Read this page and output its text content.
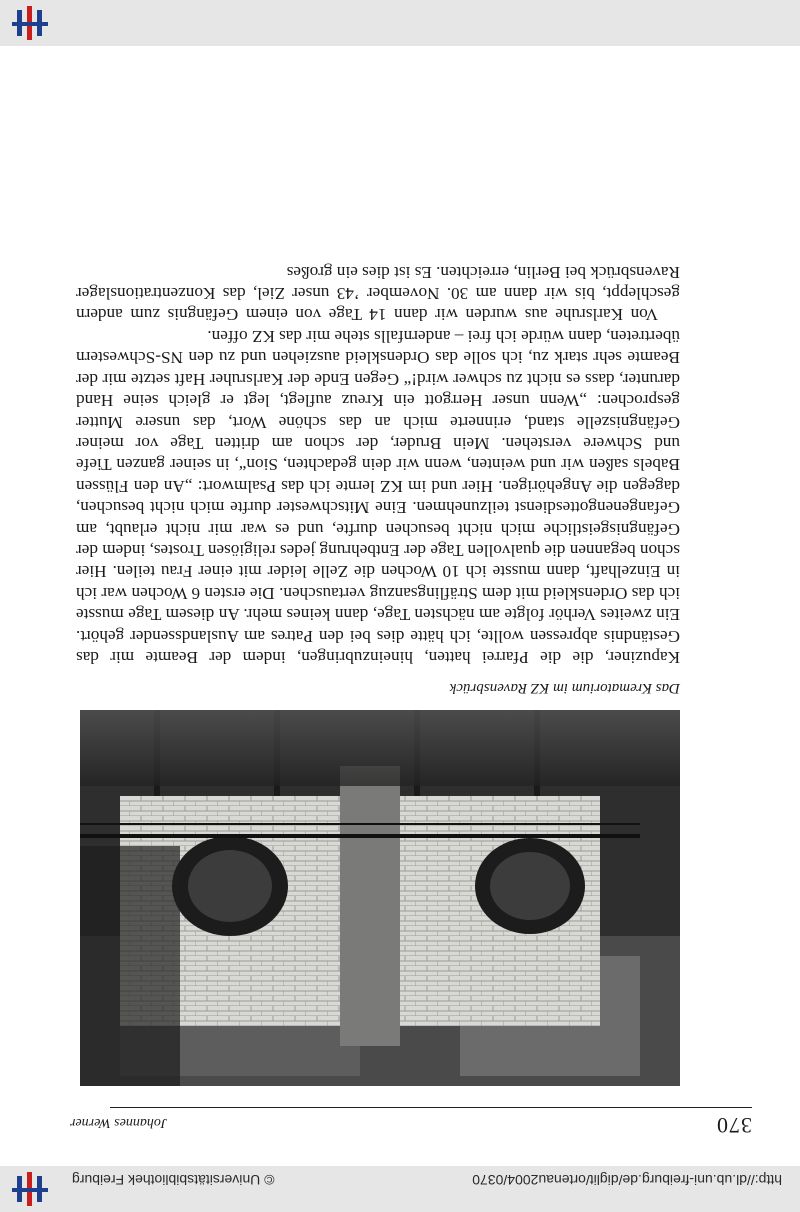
http://dl.ub.uni-freiburg.de/diglit/ortenau2004/0370
© Universitätsbibliothek Freiburg
370
Johannes Werner
Das Krematorium im KZ Ravensbrück

Kapuziner, die die Pfarrei hatten, hineinzubringen, indem der Beamte mir das Geständnis abpressen wollte, ich hätte dies bei den Patres am Auslandssender gehört. Ein zweites Verhör folgte am nächsten Tage, dann keines mehr. An diesem Tage musste ich das Ordenskleid mit dem Sträflingsanzug vertauschen. Die ersten 6 Wochen war ich in Einzelhaft, dann musste ich 10 Wochen die Zelle leider mit einer Frau teilen. Hier schon begannen die qualvollen Tage der Entbehrung jedes religiösen Trostes, indem der Gefängnisgeistliche mich nicht besuchen durfte, und es war mir nicht erlaubt, am Gefangenengottesdienst teilzunehmen. Eine Mitschwester durfte mich nicht besuchen, dagegen die Angehörigen. Hier und im KZ lernte ich das Psalmwort: „An den Flüssen Babels saßen wir und weinten, wenn wir dein gedachten, Sion“, in seiner ganzen Tiefe und Schwere verstehen. Mein Bruder, der schon am dritten Tage vor meiner Gefängniszelle stand, erinnerte mich an das schöne Wort, das unsere Mutter gesprochen: „Wenn unser Herrgott ein Kreuz auflegt, legt er gleich seine Hand darunter, dass es nicht zu schwer wird!“ Gegen Ende der Karlsruher Haft setzte mir der Beamte sehr stark zu, ich solle das Ordenskleid ausziehen und zu den NS-Schwestern übertreten, dann würde ich frei – andernfalls stehe mir das KZ offen.

Von Karlsruhe aus wurden wir dann 14 Tage von einem Gefängnis zum andern geschleppt, bis wir dann am 30. November ’43 unser Ziel, das Konzentrationslager Ravensbrück bei Berlin, erreichten. Es ist dies ein großes
